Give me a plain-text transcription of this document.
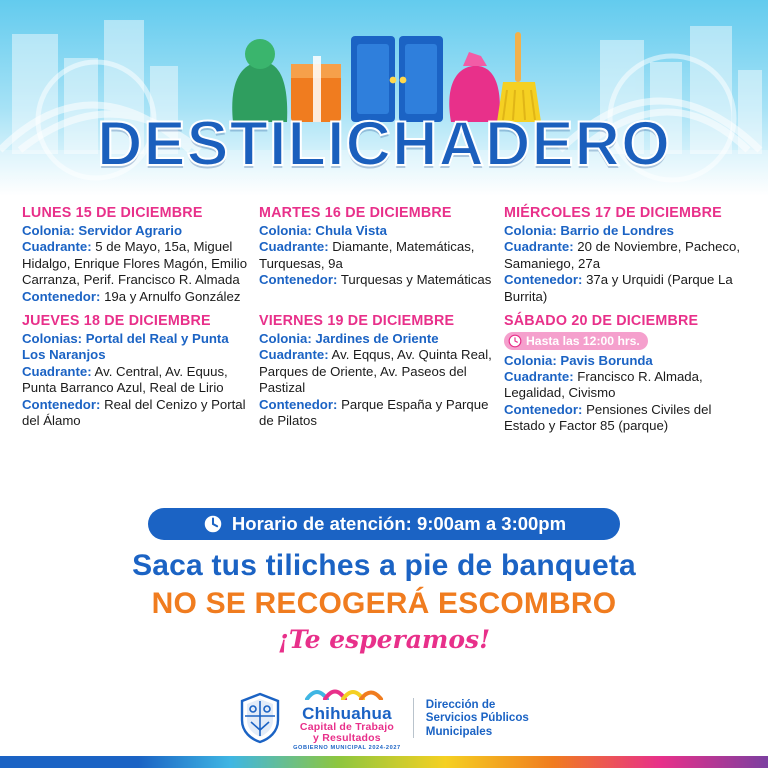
DESTILICHADERO
LUNES 15 DE DICIEMBRE

Colonia: Servidor Agrario

Cuadrante: 5 de Mayo, 15a, Miguel Hidalgo, Enrique Flores Magón, Emilio Carranza, Perif. Francisco R. Almada

Contenedor: 19a y Arnulfo González

MARTES 16 DE DICIEMBRE

Colonia: Chula Vista

Cuadrante: Diamante, Matemáticas, Turquesas, 9a

Contenedor: Turquesas y Matemáticas

MIÉRCOLES 17 DE DICIEMBRE

Colonia: Barrio de Londres

Cuadrante: 20 de Noviembre, Pacheco, Samaniego, 27a

Contenedor: 37a y Urquidi (Parque La Burrita)

JUEVES 18 DE DICIEMBRE

Colonias: Portal del Real y Punta Los Naranjos

Cuadrante: Av. Central, Av. Equus, Punta Barranco Azul, Real de Lirio

Contenedor: Real del Cenizo y Portal del Álamo

VIERNES 19 DE DICIEMBRE

Colonia: Jardines de Oriente

Cuadrante: Av. Eqqus, Av. Quinta Real, Parques de Oriente, Av. Paseos del Pastizal

Contenedor: Parque España y Parque de Pilatos

SÁBADO 20 DE DICIEMBRE
Hasta las 12:00 hrs.

Colonia: Pavis Borunda

Cuadrante: Francisco R. Almada, Legalidad, Civismo

Contenedor: Pensiones Civiles del Estado y Factor 85 (parque)

Horario de atención: 9:00am a 3:00pm
Saca tus tiliches a pie de banqueta
NO SE RECOGERÁ ESCOMBRO
¡Te esperamos!
Chihuahua
Capital de Trabajo
y Resultados
GOBIERNO MUNICIPAL 2024-2027
Dirección de
Servicios Públicos
Municipales
